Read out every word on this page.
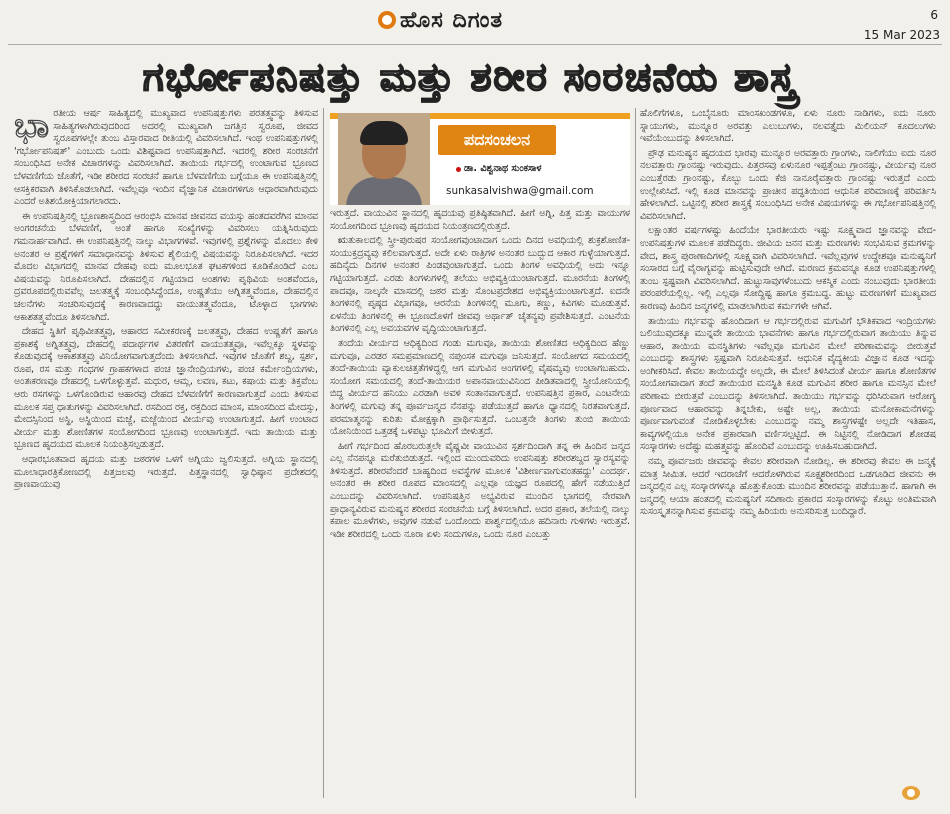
ಹೊಸ ದಿಗಂತ	6
15 Mar 2023
ಗರ್ಭೋಪನಿಷತ್ತು ಮತ್ತು ಶರೀರ ಸಂರಚನೆಯ ಶಾಸ್ತ್ರ
ಭಾ ರತೀಯ ಆರ್ಷ ಸಾಹಿತ್ಯದಲ್ಲಿ ಮುಖ್ಯವಾದ ಉಪನಿಷತ್ತುಗಳು ಪರತತ್ತ್ವವನ್ನು ತಿಳಿಸುವ ಸಾಹಿತ್ಯಗಳಾಗಿರುವುದರಿಂದ ಅದರಲ್ಲಿ ಮುಖ್ಯವಾಗಿ ಜಗತ್ತಿನ ಸ್ವರೂಪ, ಜೀವದ ಸ್ವರೂಪಗಳಲ್ಲೇ ತುಂಬ ವಿಸ್ತಾರವಾದ ರೀತಿಯಲ್ಲಿ ವಿವರಿಸಲಾಗಿದೆ. ಇಂಥ ಉಪನಿಷತ್ತುಗಳಲ್ಲಿ 'ಗರ್ಭೋಪನಿಷತ್' ಎಂಬುದು ಒಂದು ವಿಶಿಷ್ಟವಾದ ಉಪನಿಷತ್ತಾಗಿದೆ. ಇದರಲ್ಲಿ ಶರೀರ ಸಂರಚನೆಗೆ ಸಂಬಂಧಿಸಿದ ಅನೇಕ ವಿಚಾರಗಳನ್ನು ವಿವರಿಸಲಾಗಿದೆ. ತಾಯಿಯ ಗರ್ಭದಲ್ಲಿ ಉಂಟಾಗುವ ಭ್ರೂಣದ ಬೆಳವಣಿಗೆಯ ಜೊತೆಗೆ, ಇಡೀ ಶರೀರದ ಸಂರಚನೆ ಹಾಗೂ ಬೆಳವಣಿಗೆಯ ಬಗ್ಗೆಯೂ ಈ ಉಪನಿಷತ್ತಿನಲ್ಲಿ ಆಸಕ್ತಿಕರವಾಗಿ ತಿಳಿಸಿಕೊಡಲಾಗಿದೆ. ಇವೆಲ್ಲವೂ ಇಂದಿನ ವೈಜ್ಞಾನಿಕ ವಿಚಾರಗಳಿಗೂ ಆಧಾರವಾಗಿರುವುದು ಎಂದರೆ ಅತಿಶಯೋಕ್ತಿಯಾಗಲಾರದು.

ಈ ಉಪನಿಷತ್ತಿನಲ್ಲಿ ಭ್ರೂಣಶಾಸ್ತ್ರದಿಂದ ಆರಂಭಿಸಿ ಮಾನವ ಜೀವನದ ವಯಸ್ಸು ಹಂತದವರೆಗಿನ ಮಾನವ ಅಂಗರಚನೆಯ ಬೆಳವಣಿಗೆ, ಅಂತೆ ಹಾಗೂ ಸಂಖ್ಯೆಗಳನ್ನು ವಿವರಿಸಲು ಯತ್ನಿಸಿರುವುದು ಗಮನಾರ್ಹವಾಗಿದೆ. ಈ ಉಪನಿಷತ್ತಿನಲ್ಲಿ ನಾಲ್ಕು ವಿಭಾಗಗಳಿವೆ. ಇವುಗಳಲ್ಲಿ ಪ್ರಶ್ನೆಗಳನ್ನು ಮೊದಲು ಕೇಳಿ ಅನಂತರ ಆ ಪ್ರಶ್ನೆಗಳಿಗೆ ಸಮಾಧಾನವನ್ನು ತಿಳಿಸುವ ಶೈಲಿಯಲ್ಲಿ ವಿಷಯವನ್ನು ನಿರೂಪಿಸಲಾಗಿದೆ. ಇದರ ಮೊದಲ ವಿಭಾಗದಲ್ಲಿ ಮಾನವ ದೇಹವು ಐದು ಮೂಲಭೂತ ಘಟಕಗಳಿಂದ ಕೂಡಿಕೊಂಡಿದೆ ಎಂಬ ವಿಷಯವನ್ನು ನಿರೂಪಿಸಲಾಗಿದೆ. ದೇಹದಲ್ಲಿನ ಗಟ್ಟಿಯಾದ ಅಂಶಗಳು ಪೃಥಿವಿಯ ಅಂಶವೆಂದೂ, ದ್ರವರೂಪದಲ್ಲಿರುವವೆಲ್ಲ ಜಲತತ್ತ್ವಕ್ಕೆ ಸಂಬಂಧಿಸಿದ್ದೆಂದೂ, ಉಷ್ಣತೆಯು ಅಗ್ನಿತತ್ತ್ವವೆಂದೂ, ದೇಹದಲ್ಲಿನ ಚಲನೆಗಳು ಸಂಚರಿಸುವುದಕ್ಕೆ ಕಾರಣವಾದದ್ದು ವಾಯುತತ್ತ್ವವೆಂದೂ, ಟೊಳ್ಳಾದ ಭಾಗಗಳು ಆಕಾಶತತ್ತ್ವವೆಂದೂ ತಿಳಿಸಲಾಗಿದೆ.

ದೇಹದ ಸ್ಥಿತಿಗೆ ಪೃಥಿವೀತತ್ತ್ವವು, ಆಹಾರದ ಸಮೀಕರಣಕ್ಕೆ ಜಲತತ್ತ್ವವು, ದೇಹದ ಉಷ್ಣತೆಗೆ ಹಾಗೂ ಪ್ರಕಾಶಕ್ಕೆ ಅಗ್ನಿತತ್ತ್ವವು, ದೇಹದಲ್ಲಿ ಪದಾರ್ಥಗಳ ವಿತರಣೆಗೆ ವಾಯುತತ್ತ್ವವೂ, ಇವೆಲ್ಲಕ್ಕೂ ಸ್ಥಳವನ್ನು ಕೊಡುವುದಕ್ಕೆ ಆಕಾಶತತ್ತ್ವವು ವಿನಿಯೋಗವಾಗುತ್ತದೆಂದು ತಿಳಿಸಲಾಗಿದೆ. ಇವುಗಳ ಜೊತೆಗೆ ಶಬ್ದ, ಸ್ಪರ್ಶ, ರೂಪ, ರಸ ಮತ್ತು ಗಂಧಗಳ ಗ್ರಾಹಕಗಳಾದ ಪಂಚ ಜ್ಞಾನೇಂದ್ರಿಯಗಳು, ಪಂಚ ಕರ್ಮೇಂದ್ರಿಯಗಳು, ಅಂತಃಕರಣವೂ ದೇಹದಲ್ಲಿ ಒಳಗೊಳ್ಳುತ್ತವೆ. ಮಧುರ, ಆಮ್ಲ, ಲವಣ, ಕಟು, ಕಷಾಯ ಮತ್ತು ತಿಕ್ತವೆಂಬ ಆರು ರಸಗಳನ್ನು ಒಳಗೊಂಡಿರುವ ಆಹಾರವು ದೇಹದ ಬೆಳವಣಿಗೆಗೆ ಕಾರಣವಾಗುತ್ತದೆ ಎಂದು ತಿಳಿಸುವ ಮೂಲಕ ಸಪ್ತ ಧಾತುಗಳನ್ನು ವಿವರಿಸಲಾಗಿದೆ. ರಸದಿಂದ ರಕ್ತ, ರಕ್ತದಿಂದ ಮಾಂಸ, ಮಾಂಸದಿಂದ ಮೇದಸ್ಸು, ಮೇದಸ್ಸಿನಿಂದ ಅಸ್ಥಿ, ಅಸ್ಥಿಯಿಂದ ಮಜ್ಜೆ, ಮಜ್ಜೆಯಿಂದ ವೀರ್ಯವು ಉಂಟಾಗುತ್ತದೆ. ಹೀಗೆ ಉಂಟಾದ ವೀರ್ಯ ಮತ್ತು ಶೋಣಿತಗಳ ಸಂಯೋಗದಿಂದ ಭ್ರೂಣವು ಉಂಟಾಗುತ್ತದೆ. ಇದು ತಾಯಿಯ ಮತ್ತು ಭ್ರೂಣದ ಹೃದಯದ ಮೂಲಕ ನಿಯಂತ್ರಿಸಲ್ಪಡುತ್ತದೆ.

ಆಧಾರಭೂತವಾದ ಹೃದಯ ಮತ್ತು ಜಠರಗಳ ಒಳಗೆ ಅಗ್ನಿಯು ಜ್ವಲಿಸುತ್ತದೆ. ಅಗ್ನಿಯ ಸ್ಥಾನದಲ್ಲಿ ಮೂಲಾಧಾರತ್ರಿಕೋಣದಲ್ಲಿ ಪಿತ್ತಜಲವು ಇರುತ್ತದೆ. ಪಿತ್ತಸ್ಥಾನದಲ್ಲಿ ಸ್ವಾಧಿಷ್ಠಾನ ಪ್ರದೇಶದಲ್ಲಿ ಪ್ರಾಣವಾಯುವು

ಪದಸಂಚಲನ
ಡಾ. ವಿಶ್ವನಾಥ ಸುಂಕಸಾಳ
sunkasalvishwa@gmail.com

ಇರುತ್ತದೆ. ವಾಯುವಿನ ಸ್ಥಾನದಲ್ಲಿ ಹೃದಯವು ಪ್ರತಿಷ್ಠಿತವಾಗಿದೆ. ಹೀಗೆ ಅಗ್ನಿ, ಪಿತ್ತ ಮತ್ತು ವಾಯುಗಳ ಸಂಯೋಗದಿಂದ ಭ್ರೂಣವು ಹೃದಯದ ನಿಯಂತ್ರಣದಲ್ಲಿರುತ್ತದೆ.

ಋತುಕಾಲದಲ್ಲಿ ಸ್ತ್ರೀ-ಪುರುಷರ ಸಂಯೋಗವುಂಟಾದಾಗ ಒಂದು ದಿನದ ಅವಧಿಯಲ್ಲಿ ಶುಕ್ರಶೋಣಿತ-ಸಂಯುಕ್ತದ್ರವ್ಯವು ಕಲಿಲವಾಗುತ್ತದೆ. ಅದೇ ಏಳು ರಾತ್ರಿಗಳ ಅನಂತರ ಬುದ್ಬುದ ಆಕಾರ ಗುಳ್ಳೆಯಾಗುತ್ತದೆ. ಹದಿನೈದು ದಿನಗಳ ಅನಂತರ ಪಿಂಡವುಂಟಾಗುತ್ತದೆ. ಒಂದು ತಿಂಗಳ ಅವಧಿಯಲ್ಲಿ ಅದು ಇನ್ನೂ ಗಟ್ಟಿಯಾಗುತ್ತದೆ. ಎರಡು ತಿಂಗಳುಗಳಲ್ಲಿ ತಲೆಯು ಅಭಿವ್ಯಕ್ತಿಯುಂಟಾಗುತ್ತದೆ. ಮೂರನೆಯ ತಿಂಗಳಲ್ಲಿ ಪಾದವೂ, ನಾಲ್ಕನೇ ಮಾಸದಲ್ಲಿ ಜಠರ ಮತ್ತು ಸೊಂಟಪ್ರದೇಶದ ಅಭಿವ್ಯಕ್ತಿಯುಂಟಾಗುತ್ತದೆ. ಐದನೇ ತಿಂಗಳಿನಲ್ಲಿ ಪೃಷ್ಠದ ವಿಭಾಗವೂ, ಆರನೆಯ ತಿಂಗಳಿನಲ್ಲಿ ಮೂಗು, ಕಣ್ಣು, ಕಿವಿಗಳು ಮೂಡುತ್ತವೆ. ಏಳನೆಯ ತಿಂಗಳಿನಲ್ಲಿ ಈ ಭ್ರೂಣದೊಳಗೆ ಜೀವವು ಅರ್ಥಾತ್ ಚೈತನ್ಯವು ಪ್ರವೇಶಿಸುತ್ತದೆ. ಎಂಟನೆಯ ತಿಂಗಳಿನಲ್ಲಿ ಎಲ್ಲ ಅವಯವಗಳ ವೃದ್ಧಿಯುಂಟಾಗುತ್ತದೆ.

ತಂದೆಯ ವೀರ್ಯದ ಆಧಿಕ್ಯದಿಂದ ಗಂಡು ಮಗುವೂ, ತಾಯಿಯ ಶೋಣಿತದ ಆಧಿಕ್ಯದಿಂದ ಹೆಣ್ಣು ಮಗುವೂ, ಎರಡರ ಸಮಪ್ರಮಾಣದಲ್ಲಿ ನಪುಂಸಕ ಮಗುವೂ ಜನಿಸುತ್ತದೆ. ಸಂಯೋಗದ ಸಮಯದಲ್ಲಿ ತಂದೆ-ತಾಯಿಯ ವ್ಯಾಕುಲಚಿತ್ತತೆಗಳಿದ್ದಲ್ಲಿ ಆಗ ಮಗುವಿನ ಅಂಗಗಳಲ್ಲಿ ವೈಷಮ್ಯವು ಉಂಟಾಗಬಹುದು. ಸಂಯೋಗ ಸಮಯದಲ್ಲಿ ತಂದೆ-ತಾಯಿಯರ ಅಪಾನವಾಯುವಿನಿಂದ ಪೀಡಿತವಾದಲ್ಲಿ ಸ್ತ್ರೀಯೋನಿಯಲ್ಲಿ ಬಿದ್ದ ವೀರ್ಯದ ಹನಿಯು ಎರಡಾಗಿ ಅವಳಿ ಸಂತಾನವಾಗುತ್ತದೆ. ಉಪನಿಷತ್ತಿನ ಪ್ರಕಾರ, ಎಂಟನೇಯ ತಿಂಗಳಲ್ಲಿ ಮಗುವು ತನ್ನ ಪೂರ್ವಜನ್ಮದ ನೆನಪನ್ನು ಪಡೆಯುತ್ತದೆ ಹಾಗೂ ಧ್ಯಾನದಲ್ಲಿ ನಿರತವಾಗುತ್ತದೆ. ಪರಮಾತ್ಮನನ್ನು ಕುರಿತು ಮೋಕ್ಷಕ್ಕಾಗಿ ಪ್ರಾರ್ಥಿಸುತ್ತದೆ. ಒಂಬತ್ತನೇ ತಿಂಗಳು ತುಂಬಿ ತಾಯಿಯ ಯೋನಿಯಿಂದ ಒತ್ತಡಕ್ಕೆ ಒಳಪಟ್ಟು ಭೂಮಿಗೆ ಬೀಳುತ್ತದೆ.

ಹೀಗೆ ಗರ್ಭದಿಂದ ಹೊರಬರುತ್ತಲೇ ವೈಷ್ಣವೀ ವಾಯುವಿನ ಸ್ಪರ್ಶದಿಂದಾಗಿ ತನ್ನ ಈ ಹಿಂದಿನ ಜನ್ಮದ ಎಲ್ಲ ನೆನಪನ್ನೂ ಮರೆತುಬಿಡುತ್ತದೆ. ಇಲ್ಲಿಂದ ಮುಂದುವರಿದು ಉಪನಿಷತ್ತು ಶರೀರಶಬ್ದದ ಸ್ವಾರಸ್ಯವನ್ನು ತಿಳಿಸುತ್ತದೆ. ಶರೀರವೆಂದರೆ ಬಾಹ್ಯದಿಂದ ಅವಸ್ಥೆಗಳ ಮೂಲಕ 'ವಿಶೀರ್ಣವಾಗುವಂತಹದ್ದು' ಎಂದರ್ಥ. ಅನಂತರ ಈ ಶರೀರ ರೂಪದ ಮಾಂಸದಲ್ಲಿ ಎಲ್ಲವೂ ಯಜ್ಞದ ರೂಪದಲ್ಲಿ ಹೇಗೆ ನಡೆಯುತ್ತಿದೆ ಎಂಬುದನ್ನು ವಿವರಿಸಲಾಗಿದೆ. ಉಪನಿಷತ್ತಿನ ಅಭ್ಯವಿರುವ ಮುಂದಿನ ಭಾಗದಲ್ಲಿ ನೇರವಾಗಿ ಪ್ರಾಧಾನ್ಯವಿರುವ ಮನುಷ್ಯನ ಶರೀರದ ಸಂರಚನೆಯ ಬಗ್ಗೆ ತಿಳಿಸಲಾಗಿದೆ. ಅದರ ಪ್ರಕಾರ, ತಲೆಯಲ್ಲಿ ನಾಲ್ಕು ಕಪಾಲ ಮೂಳೆಗಳು, ಅವುಗಳ ನಡುವೆ ಒಂದೊಂದು ಪಾರ್ಶ್ವದಲ್ಲಿಯೂ ಹದಿನಾರು ಗುಳಿಗಳು ಇರುತ್ತವೆ. ಇಡೀ ಶರೀರದಲ್ಲಿ ಒಂದು ನೂರಾ ಏಳು ಸಂದುಗಳೂ, ಒಂದು ನೂರ ಎಂಬತ್ತು

ಹೊಲಿಗೆಗಳೂ, ಒಂಬೈನೂರು ಮಾಂಸಖಂಡಗಳೂ, ಏಳು ನೂರು ನಾಡಿಗಳು, ಐದು ನೂರು ಸ್ನಾಯುಗಳು, ಮುನ್ನೂರ ಅರವತ್ತು ಎಲುಬುಗಳು, ನಲವತ್ತೈದು ಮಿಲಿಯನ್ ಕೂದಲುಗಳು ಇವೆಯೆಂಬುದನ್ನು ತಿಳಿಸಲಾಗಿದೆ.

ಪ್ರೌಢ ಮನುಷ್ಯನ ಹೃದಯದ ಭಾರವು ಮುನ್ನೂರ ಅರವತ್ತಾರು ಗ್ರಾಂಗಳು, ನಾಲಿಗೆಯು ಐದು ನೂರ ನಲವತ್ತಾರು ಗ್ರಾಂನಷ್ಟು ಇರುವುದು. ಪಿತ್ತರಸವು ಏಳುನೂರ ಇಪ್ಪತ್ತೆಂಟು ಗ್ರಾಂನಷ್ಟು, ವೀರ್ಯವು ನೂರ ಎಂಬತ್ತೆರಡು ಗ್ರಾಂನಷ್ಟು, ಕೊಬ್ಬು ಒಂದು ಕೆಜಿ ನಾನೂರೈವತ್ತಾರು ಗ್ರಾಂನಷ್ಟು ಇರುತ್ತದೆ ಎಂದು ಉಲ್ಲೇಖಿಸಿದೆ. ಇಲ್ಲಿ ಕೂಡ ಮಾನವನ್ನು ಪ್ರಾಚೀನ ಪದ್ಧತಿಯಿಂದ ಆಧುನಿಕ ಪರಿಮಾಣಕ್ಕೆ ಪರಿವರ್ತಿಸಿ ಹೇಳಲಾಗಿದೆ. ಒಟ್ಟಿನಲ್ಲಿ ಶರೀರ ಶಾಸ್ತ್ರಕ್ಕೆ ಸಂಬಂಧಿಸಿದ ಅನೇಕ ವಿಷಯಗಳನ್ನು ಈ ಗರ್ಭೋಪನಿಷತ್ತಿನಲ್ಲಿ ವಿವರಿಸಲಾಗಿದೆ.

ಲಕ್ಷಾಂತರ ವರ್ಷಗಳಷ್ಟು ಹಿಂದೆಯೇ ಭಾರತೀಯರು ಇಷ್ಟು ಸೂಕ್ಷ್ಮವಾದ ಜ್ಞಾನವನ್ನು ವೇದ-ಉಪನಿಷತ್ತುಗಳ ಮೂಲಕ ಪಡೆದಿದ್ದರು. ಜೀವಿಯ ಜನನ ಮತ್ತು ಮರಣಗಳು ಸಂಭವಿಸುವ ಕ್ರಮಗಳನ್ನು ವೇದ, ಶಾಸ್ತ್ರ ಪುರಾಣಾದಿಗಳಲ್ಲಿ ಸೂಕ್ಷ್ಮವಾಗಿ ವಿವರಿಸಲಾಗಿದೆ. ಇವೆಲ್ಲವುಗಳ ಉದ್ದೇಶವೂ ಮನುಷ್ಯನಿಗೆ ಸಂಸಾರದ ಬಗ್ಗೆ ವೈರಾಗ್ಯವನ್ನು ಹುಟ್ಟಿಸುವುದೇ ಆಗಿದೆ. ಮರಣದ ಕ್ರಮವನ್ನೂ ಕೂಡ ಉಪನಿಷತ್ತುಗಳಲ್ಲಿ ತುಂಬ ಸ್ಪಷ್ಟವಾಗಿ ವಿವರಿಸಲಾಗಿದೆ. ಹುಟ್ಟುಸಾವುಗಳೆಂಬುದು ಆಕಸ್ಮಿಕ ಎಂದು ನಂಬುವುದು ಭಾರತೀಯ ಪರಂಪರೆಯಲ್ಲಿಲ್ಲ. ಇಲ್ಲಿ ಎಲ್ಲವೂ ಸೋದ್ದಿಷ್ಟ ಹಾಗೂ ಕ್ರಮಬದ್ಧ. ಹುಟ್ಟು ಮರಣಗಳಿಗೆ ಮುಖ್ಯವಾದ ಕಾರಣವು ಹಿಂದಿನ ಜನ್ಮಗಳಲ್ಲಿ ಮಾಡಲಾಗಿರುವ ಕರ್ಮಗಳೇ ಆಗಿವೆ.

ತಾಯಿಯು ಗರ್ಭವನ್ನು ಹೊಂದಿದಾಗ ಆ ಗರ್ಭದಲ್ಲಿರುವ ಮಗುವಿಗೆ ಭೌತಿಕವಾದ ಇಂದ್ರಿಯಗಳು ಬಲಿಯುವುದಕ್ಕೂ ಮುನ್ನವೇ ತಾಯಿಯ ಭಾವನೆಗಳು ಹಾಗೂ ಗರ್ಭದಲ್ಲಿರುವಾಗ ತಾಯಿಯು ತಿನ್ನುವ ಆಹಾರ, ತಾಯಿಯ ಮನಸ್ಥಿತಿಗಳು ಇವೆಲ್ಲವೂ ಮಗುವಿನ ಮೇಲೆ ಪರಿಣಾಮವನ್ನು ಬೀರುತ್ತವೆ ಎಂಬುದನ್ನು ಶಾಸ್ತ್ರಗಳು ಸ್ಪಷ್ಟವಾಗಿ ನಿರೂಪಿಸುತ್ತವೆ. ಆಧುನಿಕ ವೈದ್ಯಕೀಯ ವಿಜ್ಞಾನ ಕೂಡ ಇದನ್ನು ಅಂಗೀಕರಿಸಿದೆ. ಕೇವಲ ತಾಯಿಯದ್ದೇ ಅಲ್ಲದೇ, ಈ ಮೇಲೆ ತಿಳಿಸಿದಂತೆ ವೀರ್ಯ ಹಾಗೂ ಶೋಣಿತಗಳ ಸಂಯೋಗವಾದಾಗ ತಂದೆ ತಾಯಿಯರ ಮನಸ್ಥಿತಿ ಕೂಡ ಮಗುವಿನ ಶರೀರ ಹಾಗೂ ಮನಸ್ಸಿನ ಮೇಲೆ ಪರಿಣಾಮ ಬೀರುತ್ತವೆ ಎಂಬುದನ್ನು ತಿಳಿಸಲಾಗಿದೆ. ತಾಯಿಯು ಗರ್ಭವನ್ನು ಧರಿಸಿರುವಾಗ ಆರೋಗ್ಯ ಪೂರ್ಣವಾದ ಆಹಾರವನ್ನು ತಿನ್ನಬೇಕು, ಅಷ್ಟೇ ಅಲ್ಲ, ತಾಯಿಯ ಮನೋಕಾಮನೆಗಳನ್ನು ಪೂರ್ಣವಾಗುವಂತೆ ನೋಡಿಕೊಳ್ಳಬೇಕು ಎಂಬುದನ್ನು ನಮ್ಮ ಶಾಸ್ತ್ರಗಳಷ್ಟೇ ಅಲ್ಲದೇ ಇತಿಹಾಸ, ಕಾವ್ಯಗಳಲ್ಲಿಯೂ ಅನೇಕ ಪ್ರಕಾರವಾಗಿ ವರ್ಣಿಸಲ್ಪಟ್ಟಿದೆ. ಈ ನಿಟ್ಟಿನಲ್ಲಿ ನೋಡಿದಾಗ ಶೋಡಷ ಸಂಸ್ಕಾರಗಳು ಅದೆಷ್ಟು ಮಹತ್ತ್ವವನ್ನು ಹೊಂದಿವೆ ಎಂಬುದನ್ನು ಊಹಿಸಬಹುದಾಗಿದೆ.

ನಮ್ಮ ಪೂರ್ವಜರು ಜೀವವನ್ನು ಕೇವಲ ಶರೀರವಾಗಿ ನೋಡಿಲ್ಲ. ಈ ಶರೀರವು ಕೇವಲ ಈ ಜನ್ಮಕ್ಕೆ ಮಾತ್ರ ಸೀಮಿತ. ಆದರೆ ಇದರಾಚೆಗೆ ಆದರೊಳಗಿರುವ ಸೂಕ್ಷ್ಮಶರೀರದಿಂದ ಒಡಗೂಡಿದ ಜೀವನು ಈ ಜನ್ಮದಲ್ಲಿನ ಎಲ್ಲ ಸಂಸ್ಕಾರಗಳನ್ನೂ ಹೊತ್ತುಕೊಂಡು ಮುಂದಿನ ಶರೀರವನ್ನು ಪಡೆಯುತ್ತಾನೆ. ಹಾಗಾಗಿ ಈ ಜನ್ಮದಲ್ಲಿ ಆಯಾ ಹಂತದಲ್ಲಿ ಮನುಷ್ಯನಿಗೆ ಸದಿಣಾರು ಪ್ರಕಾರದ ಸಂಸ್ಕಾರಗಳನ್ನು ಕೊಟ್ಟು ಅಂತಿಮವಾಗಿ ಸುಸಂಸ್ಕೃತನನ್ನಾಗಿಸುವ ಕ್ರಮವನ್ನು ನಮ್ಮ ಹಿರಿಯರು ಅನುಸರಿಸುತ್ತ ಬಂದಿದ್ದಾರೆ.
